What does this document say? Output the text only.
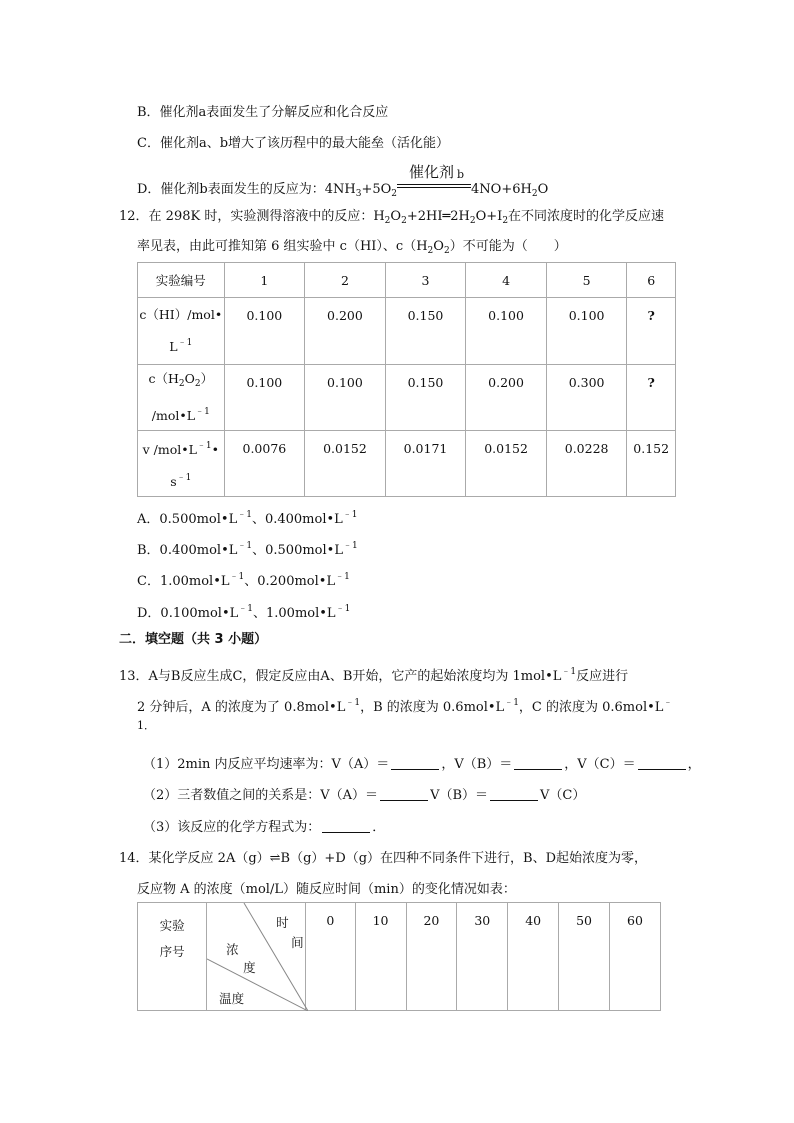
B．催化剂a表面发生了分解反应和化合反应
C．催化剂a、b增大了该历程中的最大能垒（活化能）
D．催化剂b表面发生的反应为：$4NH_3+5O_2$
催化剂 b
$4NO+6H_2O$
12．在 298K 时，实验测得溶液中的反应：$H_2O_2+2HI═2H_2O+I_2$在不同浓度时的化学反应速
率见表，由此可推知第 6 组实验中 c（HI）、$c(H_2O_2)$不可能为（　　）
实验编号	1	2	3	4	5	6
c（HI）/mol•
$L^{﹣1}$	0.100	0.200	0.150	0.100	0.100	?
$c(H_2O_2)$
$/mol•L^{﹣1}$	0.100	0.100	0.150	0.200	0.300	?
v $/mol•L^{﹣1}•$
$s^{﹣1}$	0.0076	0.0152	0.0171	0.0152	0.0228	0.152
A．$0.500mol•L^{﹣1}$、$0.400mol•L^{﹣1}$
B．$0.400mol•L^{﹣1}$、$0.500mol•L^{﹣1}$
C．$1.00mol•L^{﹣1}$、$0.200mol•L^{﹣1}$
D．$0.100mol•L^{﹣1}$、$1.00mol•L^{﹣1}$
二．填空题（共 3 小题）
13．A与B反应生成C，假定反应由A、B开始，它产的起始浓度均为 $1mol•L^{﹣1}$反应进行
2 分钟后，A 的浓度为了 $0.8mol•L^{﹣1}$，B 的浓度为 $0.6mol•L^{﹣1}$，C 的浓度为 0.6mol•L﹣
1．
（1）2min 内反应平均速率为：V（A）＝	，V（B）＝	，V（C）＝	，
（2）三者数值之间的关系是：V（A）＝	V（B）＝	V（C）
（3）该反应的化学方程式为：	．
14．某化学反应 2A（g）⇌B（g）+D（g）在四种不同条件下进行，B、D起始浓度为零，
反应物 A 的浓度（mol/L）随反应时间（min）的变化情况如表：
实验
序号	
时
间
浓
度
温度
	0	10	20	30	40	50	60
